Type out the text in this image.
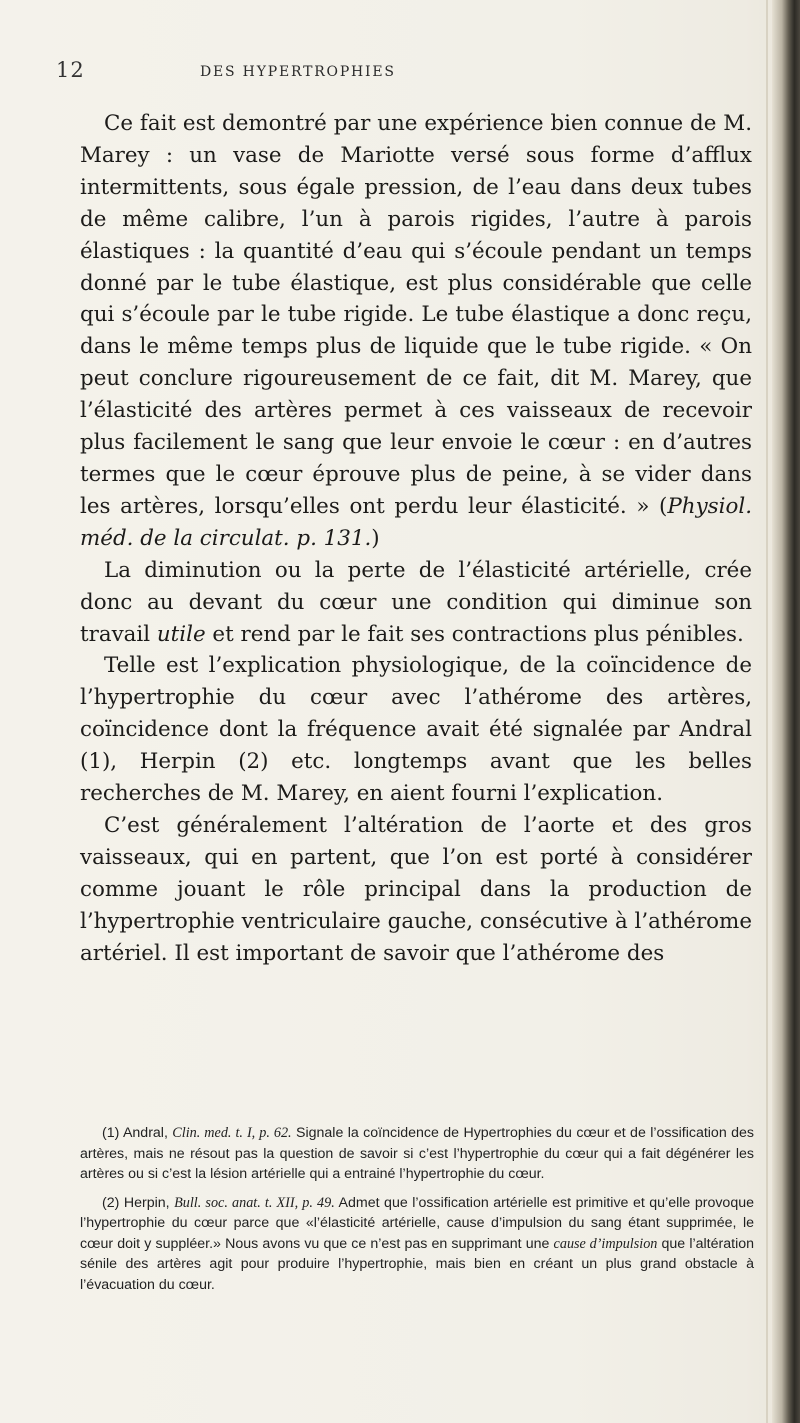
12	DES HYPERTROPHIES

Ce fait est demontré par une expérience bien connue de M. Marey : un vase de Mariotte versé sous forme d’afflux intermittents, sous égale pression, de l’eau dans deux tubes de même calibre, l’un à parois rigides, l’autre à parois élastiques : la quantité d’eau qui s’écoule pendant un temps donné par le tube élastique, est plus considérable que celle qui s’écoule par le tube rigide. Le tube élastique a donc reçu, dans le même temps plus de liquide que le tube rigide. « On peut conclure rigoureusement de ce fait, dit M. Marey, que l’élasticité des artères permet à ces vaisseaux de recevoir plus facilement le sang que leur envoie le cœur : en d’autres termes que le cœur éprouve plus de peine, à se vider dans les artères, lorsqu’elles ont perdu leur élasticité. » (Physiol. méd. de la circulat. p. 131.)

La diminution ou la perte de l’élasticité artérielle, crée donc au devant du cœur une condition qui diminue son travail utile et rend par le fait ses contractions plus pénibles.

Telle est l’explication physiologique, de la coïncidence de l’hypertrophie du cœur avec l’athérome des artères, coïncidence dont la fréquence avait été signalée par Andral (1), Herpin (2) etc. longtemps avant que les belles recherches de M. Marey, en aient fourni l’explication.

C’est généralement l’altération de l’aorte et des gros vaisseaux, qui en partent, que l’on est porté à considérer comme jouant le rôle principal dans la production de l’hypertrophie ventriculaire gauche, consécutive à l’athérome artériel. Il est important de savoir que l’athérome des

(1) Andral, Clin. med. t. I, p. 62. Signale la coïncidence de Hypertrophies du cœur et de l’ossification des artères, mais ne résout pas la question de savoir si c’est l’hypertrophie du cœur qui a fait dégénérer les artères ou si c’est la lésion artérielle qui a entrainé l’hypertrophie du cœur.

(2) Herpin, Bull. soc. anat. t. XII, p. 49. Admet que l’ossification artérielle est primitive et qu’elle provoque l’hypertrophie du cœur parce que «l’élasticité artérielle, cause d’impulsion du sang étant supprimée, le cœur doit y suppléer.» Nous avons vu que ce n’est pas en supprimant une cause d’impulsion que l’altération sénile des artères agit pour produire l’hypertrophie, mais bien en créant un plus grand obstacle à l’évacuation du cœur.
